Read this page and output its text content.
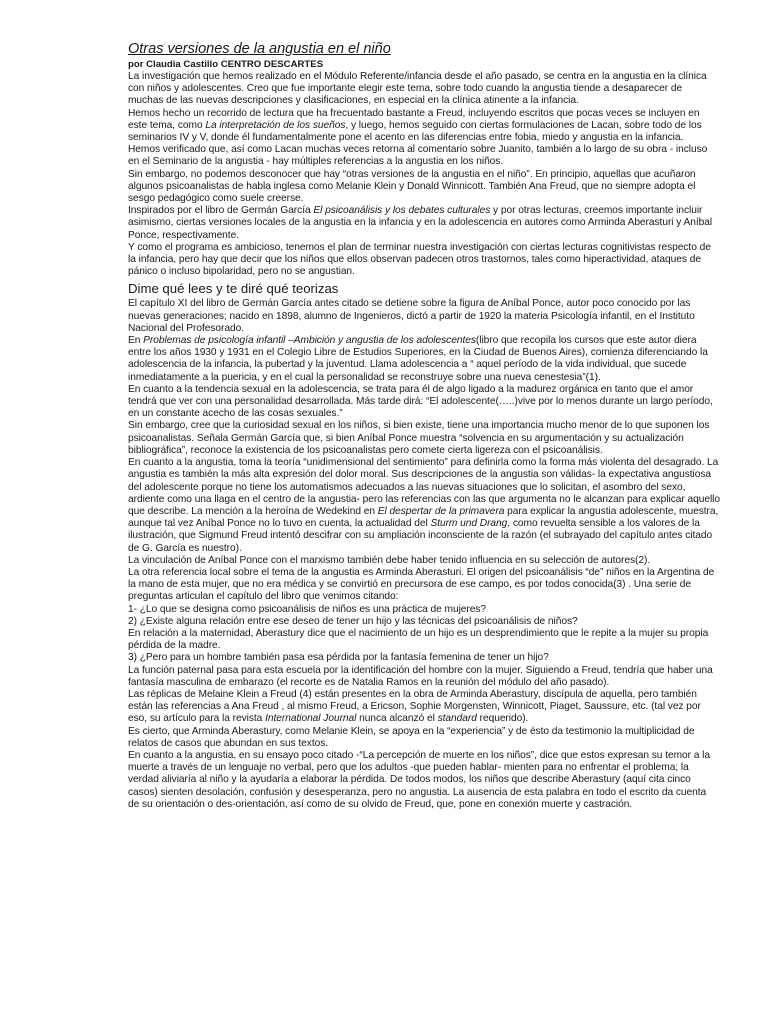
Otras versiones de la angustia en el niño

por Claudia Castillo CENTRO DESCARTES

La investigación que hemos realizado en el Módulo Referente/infancia desde el año pasado, se centra en la angustia en la clínica con niños y adolescentes. Creo que fue importante elegir este tema, sobre todo cuando la angustia tiende a desaparecer de muchas de las nuevas descripciones y clasificaciones, en especial en la clínica atinente a la infancia.

Hemos hecho un recorrido de lectura que ha frecuentado bastante a Freud, incluyendo escritos que pocas veces se incluyen en este tema, como La interpretación de los sueños, y luego, hemos seguido con ciertas formulaciones de Lacan, sobre todo de los seminarios IV y V, donde él fundamentalmente pone el acento en las diferencias entre fobia, miedo y angustia en la infancia.

Hemos verificado que, así como Lacan muchas veces retorna al comentario sobre Juanito, también a lo largo de su obra - incluso en el Seminario de la angustia - hay múltiples referencias a la angustia en los niños.

Sin embargo, no podemos desconocer que hay “otras versiones de la angustia en el niño”. En principio, aquellas que acuñaron algunos psicoanalistas de habla inglesa como Melanie Klein y Donald Winnicott. También Ana Freud, que no siempre adopta el sesgo pedagógico como suele creerse.

Inspirados por el libro de Germán García El psicoanálisis y los debates culturales y por otras lecturas, creemos importante incluir asimismo, ciertas versiones locales de la angustia en la infancia y en la adolescencia en autores como Arminda Aberasturi y Aníbal Ponce, respectivamente.

Y como el programa es ambicioso, tenemos el plan de terminar nuestra investigación con ciertas lecturas cognitivistas respecto de la infancia, pero hay que decir que los niños que ellos observan padecen otros trastornos, tales como hiperactividad, ataques de pánico o incluso bipolaridad, pero no se angustian.

Dime qué lees y te diré qué teorizas

El capítulo XI del libro de Germán García antes citado se detiene sobre la figura de Aníbal Ponce, autor poco conocido por las nuevas generaciones; nacido en 1898, alumno de Ingenieros, dictó a partir de 1920 la materia Psicología infantil, en el Instituto Nacional del Profesorado.

En Problemas de psicología infantil –Ambición y angustia de los adolescentes(libro que recopila los cursos que este autor diera entre los años 1930 y 1931 en el Colegio Libre de Estudios Superiores, en la Ciudad de Buenos Aires), comienza diferenciando la adolescencia de la infancia, la pubertad y la juventud. Llama adolescencia a “ aquel período de la vida individual, que sucede inmediatamente a la puericia, y en el cual la personalidad se reconstruye sobre una nueva cenestesia”(1).

En cuanto a la tendencia sexual en la adolescencia, se trata para él de algo ligado a la madurez orgánica en tanto que el amor tendrá que ver con una personalidad desarrollada. Más tarde dirá: “El adolescente(…..)vive por lo menos durante un largo período, en un constante acecho de las cosas sexuales.”

Sin embargo, cree que la curiosidad sexual en los niños, si bien existe, tiene una importancia mucho menor de lo que suponen los psicoanalistas. Señala Germán García que, si bien Aníbal Ponce muestra “solvencia en su argumentación y su actualización bibliográfica”, reconoce la existencia de los psicoanalistas pero comete cierta ligereza con el psicoanálisis.

En cuanto a la angustia, toma la teoría “unidimensional del sentimiento” para definirla como la forma más violenta del desagrado. La angustia es también la más alta expresión del dolor moral. Sus descripciones de la angustia son válidas- la expectativa angustiosa del adolescente porque no tiene los automatismos adecuados a las nuevas situaciones que lo solicitan, el asombro del sexo, ardiente como una llaga en el centro de la angustia- pero las referencias con las que argumenta no le alcanzan para explicar aquello que describe. La mención a la heroína de Wedekind en El despertar de la primavera para explicar la angustia adolescente, muestra, aunque tal vez Aníbal Ponce no lo tuvo en cuenta, la actualidad del Sturm und Drang, como revuelta sensible a los valores de la ilustración, que Sigmund Freud intentó descifrar con su ampliación inconsciente de la razón (el subrayado del capítulo antes citado de G. García es nuestro).

La vinculación de Aníbal Ponce con el marxismo también debe haber tenido influencia en su selección de autores(2).

La otra referencia local sobre el tema de la angustia es Arminda Aberasturi. El origen del psicoanálisis “de” niños en la Argentina de la mano de esta mujer, que no era médica y se convirtió en precursora de ese campo, es por todos conocida(3) . Una serie de preguntas articulan el capítulo del libro que venimos citando:

1- ¿Lo que se designa como psicoanálisis de niños es una práctica de mujeres?

2) ¿Existe alguna relación entre ese deseo de tener un hijo y las técnicas del psicoanálisis de niños?

En relación a la maternidad, Aberastury dice que el nacimiento de un hijo es un desprendimiento que le repite a la mujer su propia pérdida de la madre.

3) ¿Pero para un hombre también pasa esa pérdida por la fantasía femenina de tener un hijo?

La función paternal pasa para esta escuela por la identificación del hombre con la mujer. Siguiendo a Freud, tendría que haber una fantasía masculina de embarazo (el recorte es de Natalia Ramos en la reunión del módulo del año pasado).

Las réplicas de Melaine Klein a Freud (4) están presentes en la obra de Arminda Aberastury, discípula de aquella, pero también están las referencias a Ana Freud , al mismo Freud, a Ericson, Sophie Morgensten, Winnicott, Piaget, Saussure, etc. (tal vez por eso, su artículo para la revista International Journal nunca alcanzó el standard requerido).

Es cierto, que Arminda Aberastury, como Melanie Klein, se apoya en la “experiencia” y de ésto da testimonio la multiplicidad de relatos de casos que abundan en sus textos.

En cuanto a la angustia, en su ensayo poco citado -“La percepción de muerte en los niños”, dice que estos expresan su temor a la muerte a través de un lenguaje no verbal, pero que los adultos -que pueden hablar- mienten para no enfrentar el problema; la verdad aliviaría al niño y la ayudaría a elaborar la pérdida. De todos modos, los niños que describe Aberastury (aquí cita cinco casos) sienten desolación, confusión y desesperanza, pero no angustia. La ausencia de esta palabra en todo el escrito da cuenta de su orientación o des-orientación, así como de su olvido de Freud, que, pone en conexión muerte y castración.
